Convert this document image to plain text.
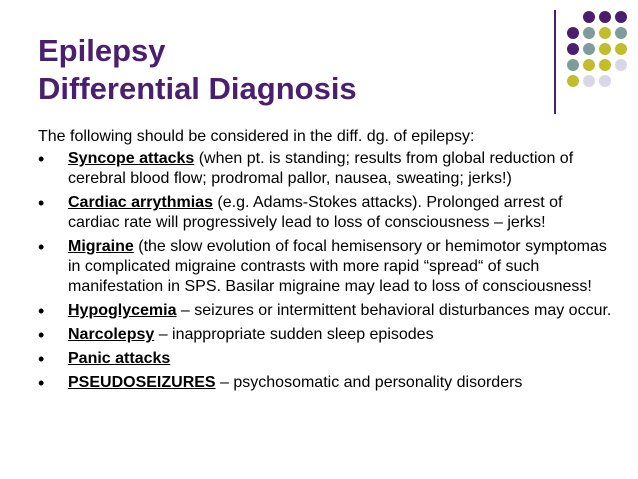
Epilepsy
Differential Diagnosis

The following should be considered in the diff. dg. of epilepsy:

• Syncope attacks (when pt. is standing; results from global reduction of cerebral blood flow; prodromal pallor, nausea, sweating; jerks!)
• Cardiac arrythmias (e.g. Adams-Stokes attacks). Prolonged arrest of cardiac rate will progressively lead to loss of consciousness – jerks!
• Migraine (the slow evolution of focal hemisensory or hemimotor symptomas in complicated migraine contrasts with more rapid “spread“ of such manifestation in SPS. Basilar migraine may lead to loss of consciousness!
• Hypoglycemia – seizures or intermittent behavioral disturbances may occur.
• Narcolepsy – inappropriate sudden sleep episodes
• Panic attacks
• PSEUDOSEIZURES – psychosomatic and personality disorders
